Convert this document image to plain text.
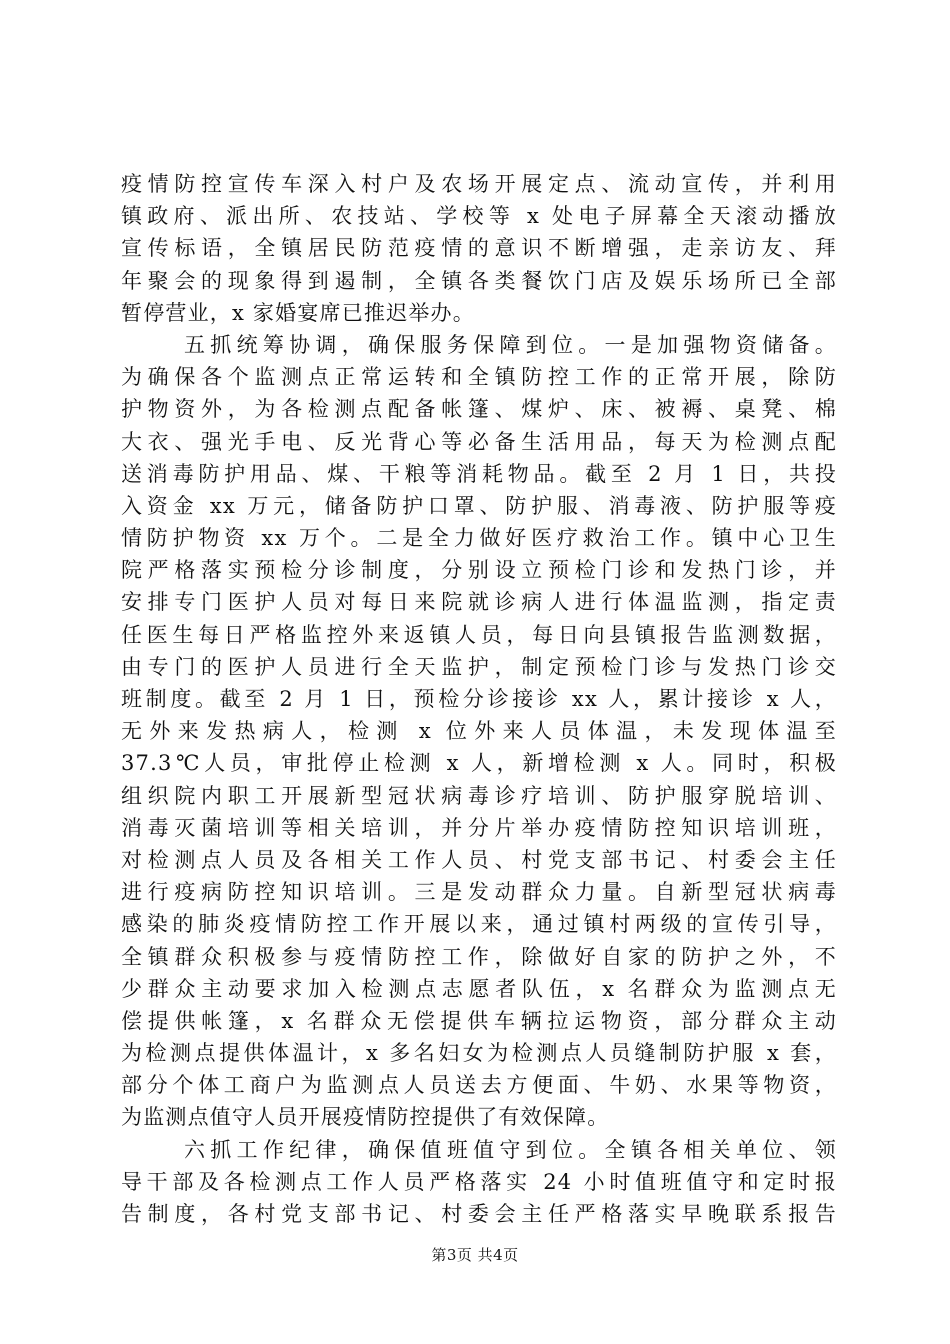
疫情防控宣传车深入村户及农场开展定点、流动宣传，并利用
镇政府、派出所、农技站、学校等 x 处电子屏幕全天滚动播放
宣传标语，全镇居民防范疫情的意识不断增强，走亲访友、拜
年聚会的现象得到遏制，全镇各类餐饮门店及娱乐场所已全部
暂停营业，x 家婚宴席已推迟举办。
五抓统筹协调，确保服务保障到位。一是加强物资储备。
为确保各个监测点正常运转和全镇防控工作的正常开展，除防
护物资外，为各检测点配备帐篷、煤炉、床、被褥、桌凳、棉
大衣、强光手电、反光背心等必备生活用品，每天为检测点配
送消毒防护用品、煤、干粮等消耗物品。截至 2 月 1 日，共投
入资金 xx 万元，储备防护口罩、防护服、消毒液、防护服等疫
情防护物资 xx 万个。二是全力做好医疗救治工作。镇中心卫生
院严格落实预检分诊制度，分别设立预检门诊和发热门诊，并
安排专门医护人员对每日来院就诊病人进行体温监测，指定责
任医生每日严格监控外来返镇人员，每日向县镇报告监测数据，
由专门的医护人员进行全天监护，制定预检门诊与发热门诊交
班制度。截至 2 月 1 日，预检分诊接诊 xx 人，累计接诊 x 人，
无外来发热病人，检测 x 位外来人员体温，未发现体温至
37.3℃人员，审批停止检测 x 人，新增检测 x 人。同时，积极
组织院内职工开展新型冠状病毒诊疗培训、防护服穿脱培训、
消毒灭菌培训等相关培训，并分片举办疫情防控知识培训班，
对检测点人员及各相关工作人员、村党支部书记、村委会主任
进行疫病防控知识培训。三是发动群众力量。自新型冠状病毒
感染的肺炎疫情防控工作开展以来，通过镇村两级的宣传引导，
全镇群众积极参与疫情防控工作，除做好自家的防护之外，不
少群众主动要求加入检测点志愿者队伍，x 名群众为监测点无
偿提供帐篷，x 名群众无偿提供车辆拉运物资，部分群众主动
为检测点提供体温计，x 多名妇女为检测点人员缝制防护服 x 套，
部分个体工商户为监测点人员送去方便面、牛奶、水果等物资，
为监测点值守人员开展疫情防控提供了有效保障。
六抓工作纪律，确保值班值守到位。全镇各相关单位、领
导干部及各检测点工作人员严格落实 24 小时值班值守和定时报
告制度，各村党支部书记、村委会主任严格落实早晚联系报告
第3页 共4页
